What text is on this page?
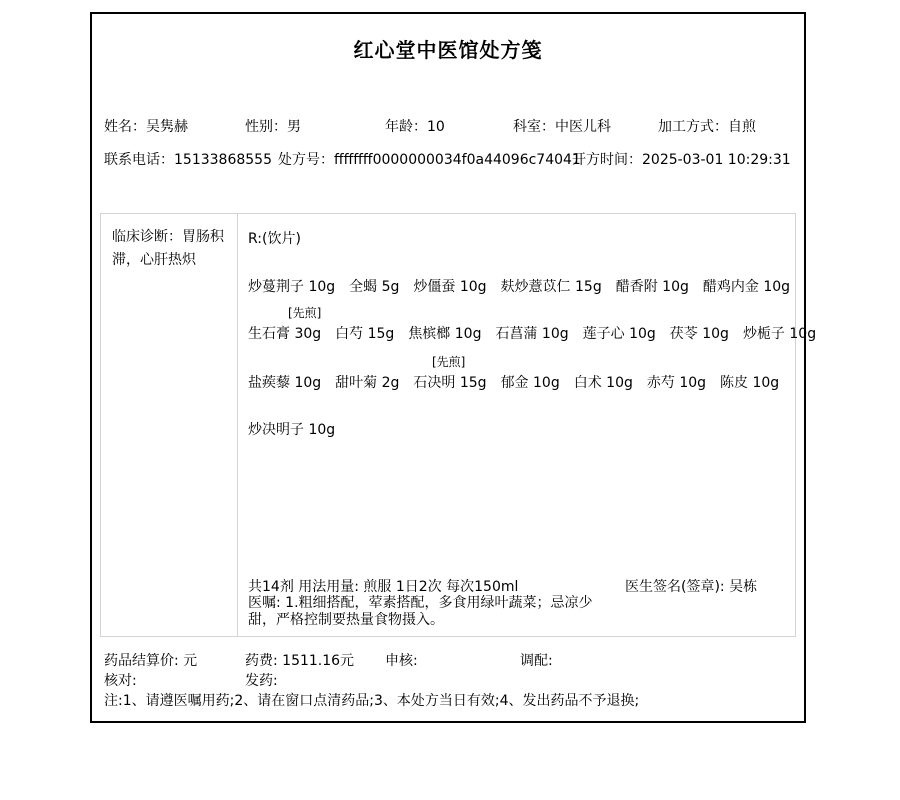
红心堂中医馆处方笺
姓名：吴隽赫	性别：男	年龄：10	科室：中医儿科	加工方式：自煎
联系电话：15133868555 处方号：ffffffff0000000034f0a44096c74041
开方时间：2025-03-01 10:29:31
临床诊断：胃肠积滞，心肝热炽
R:(饮片)
炒蔓荆子 10g 全蝎 5g 炒僵蚕 10g 麸炒薏苡仁 15g 醋香附 10g 醋鸡内金 10g
[先煎]
生石膏 30g 白芍 15g 焦槟榔 10g 石菖蒲 10g 莲子心 10g 茯苓 10g 炒栀子 10g
[先煎]
盐蒺藜 10g 甜叶菊 2g 石决明 15g 郁金 10g 白术 10g 赤芍 10g 陈皮 10g
炒决明子 10g
共14剂 用法用量: 煎服 1日2次 每次150ml	医生签名(签章): 吴栋
医嘱: 1.粗细搭配，荤素搭配，多食用绿叶蔬菜；忌凉少甜，严格控制要热量食物摄入。
药品结算价: 元	药费: 1511.16元 申核:	调配:
核对:	发药:
注:1、请遵医嘱用药;2、请在窗口点清药品;3、本处方当日有效;4、发出药品不予退换;
